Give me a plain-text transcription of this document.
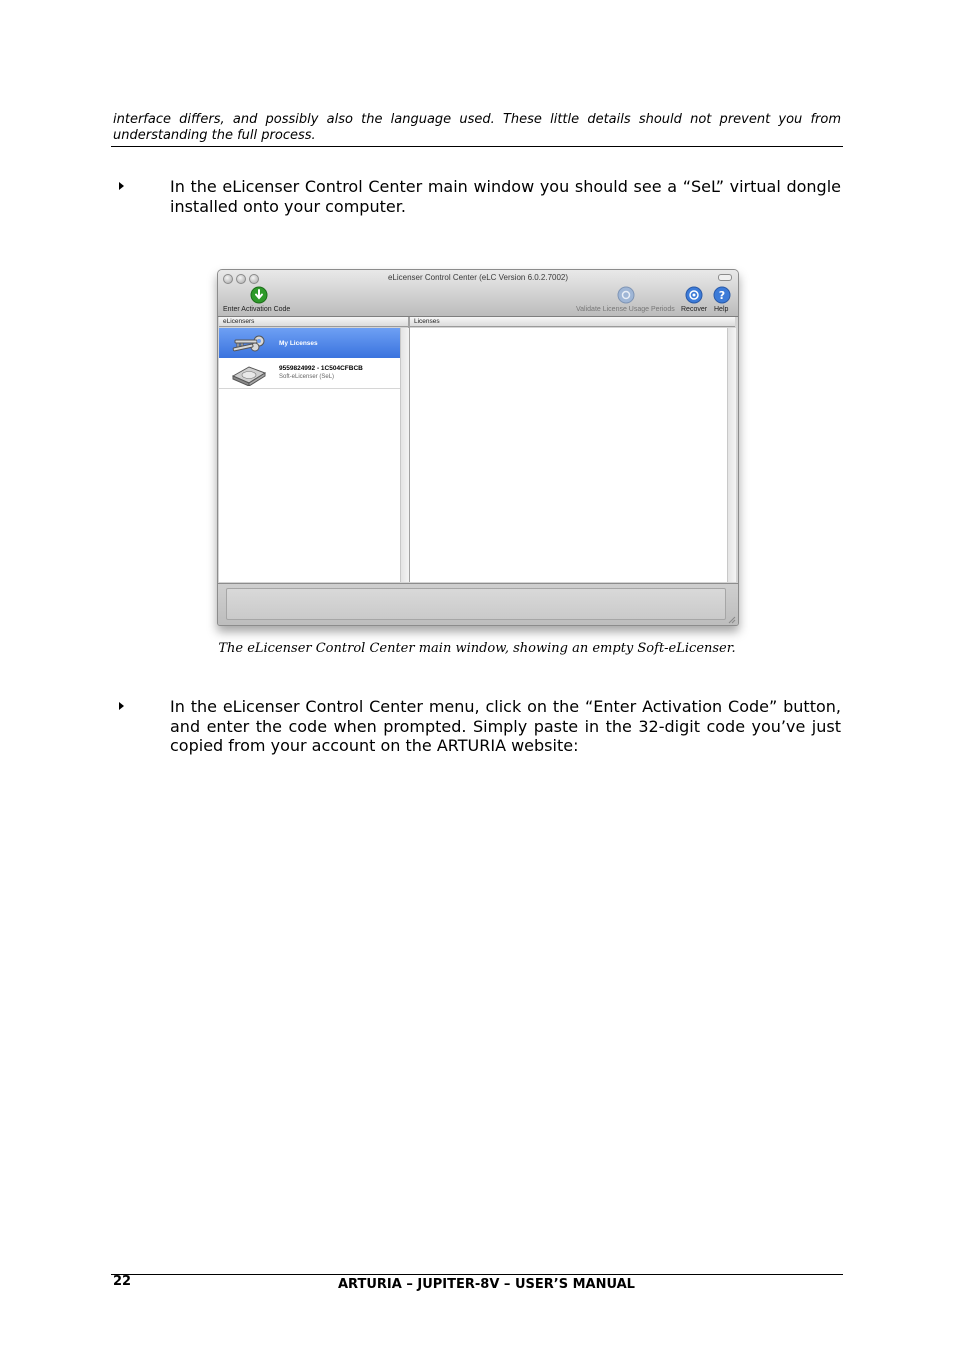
interface differs, and possibly also the language used. These little details should not prevent you from understanding the full process.
In the eLicenser Control Center main window you should see a “SeL” virtual dongle installed onto your computer.
eLicenser Control Center (eLC Version 6.0.2.7002)
Enter Activation Code	Validate License Usage Periods Recover
?
Help
eLicensers	Licenses
My Licenses
9559824992 - 1C504CFBCB
Soft-eLicenser (SeL)
The eLicenser Control Center main window, showing an empty Soft-eLicenser.
In the eLicenser Control Center menu, click on the “Enter Activation Code” button, and enter the code when prompted. Simply paste in the 32-digit code you’ve just copied from your account on the ARTURIA website:
22	ARTURIA – JUPITER-8V – USER’S MANUAL
